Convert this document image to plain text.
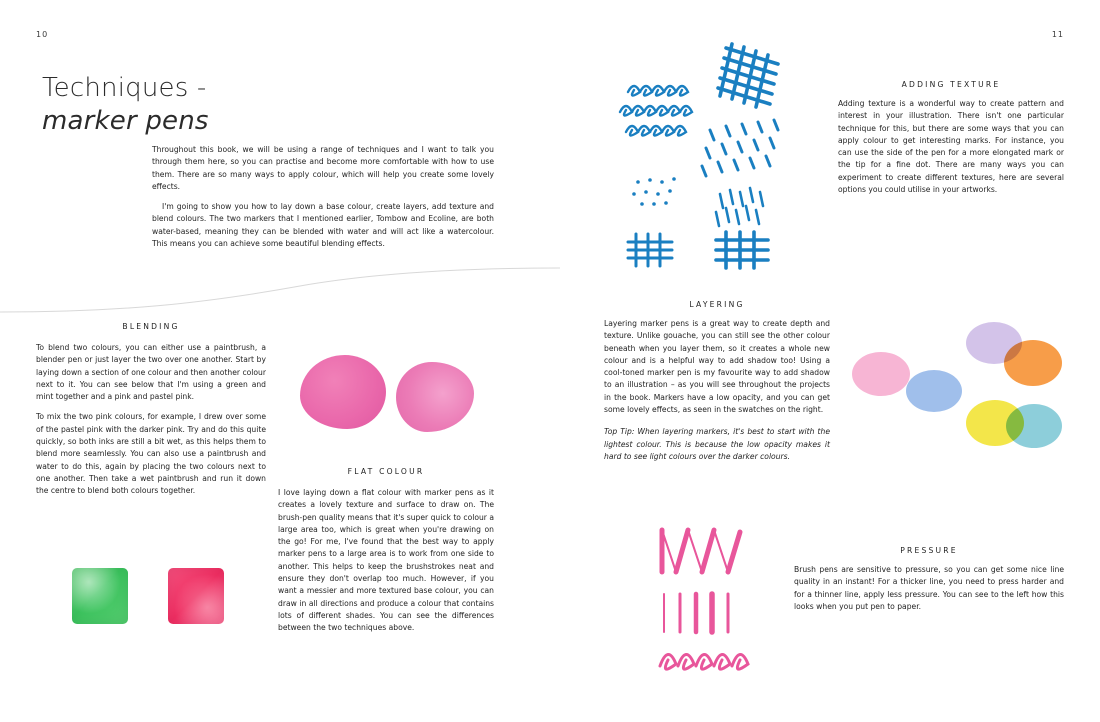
10	11
Techniques -
marker pens

Throughout this book, we will be using a range of techniques and I want to talk you through them here, so you can practise and become more comfortable with how to use them. There are so many ways to apply colour, which will help you create some lovely effects.

I'm going to show you how to lay down a base colour, create layers, add texture and blend colours. The two markers that I mentioned earlier, Tombow and Ecoline, are both water-based, meaning they can be blended with water and will act like a watercolour. This means you can achieve some beautiful blending effects.

BLENDING

To blend two colours, you can either use a paintbrush, a blender pen or just layer the two over one another. Start by laying down a section of one colour and then another colour next to it. You can see below that I'm using a green and mint together and a pink and pastel pink.

To mix the two pink colours, for example, I drew over some of the pastel pink with the darker pink. Try and do this quite quickly, so both inks are still a bit wet, as this helps them to blend more seamlessly. You can also use a paintbrush and water to do this, again by placing the two colours next to one another. Then take a wet paintbrush and run it down the centre to blend both colours together.

FLAT COLOUR

I love laying down a flat colour with marker pens as it creates a lovely texture and surface to draw on. The brush-pen quality means that it's super quick to colour a large area too, which is great when you're drawing on the go! For me, I've found that the best way to apply marker pens to a large area is to work from one side to another. This helps to keep the brushstrokes neat and ensure they don't overlap too much. However, if you want a messier and more textured base colour, you can draw in all directions and produce a colour that contains lots of different shades. You can see the differences between the two techniques above.

ADDING TEXTURE

Adding texture is a wonderful way to create pattern and interest in your illustration. There isn't one particular technique for this, but there are some ways that you can apply colour to get interesting marks. For instance, you can use the side of the pen for a more elongated mark or the tip for a fine dot. There are many ways you can experiment to create different textures, here are several options you could utilise in your artworks.

LAYERING

Layering marker pens is a great way to create depth and texture. Unlike gouache, you can still see the other colour beneath when you layer them, so it creates a whole new colour and is a helpful way to add shadow too! Using a cool-toned marker pen is my favourite way to add shadow to an illustration – as you will see throughout the projects in the book. Markers have a low opacity, and you can get some lovely effects, as seen in the swatches on the right.

Top Tip: When layering markers, it's best to start with the lightest colour. This is because the low opacity makes it hard to see light colours over the darker colours.

PRESSURE

Brush pens are sensitive to pressure, so you can get some nice line quality in an instant! For a thicker line, you need to press harder and for a thinner line, apply less pressure. You can see to the left how this looks when you put pen to paper.
